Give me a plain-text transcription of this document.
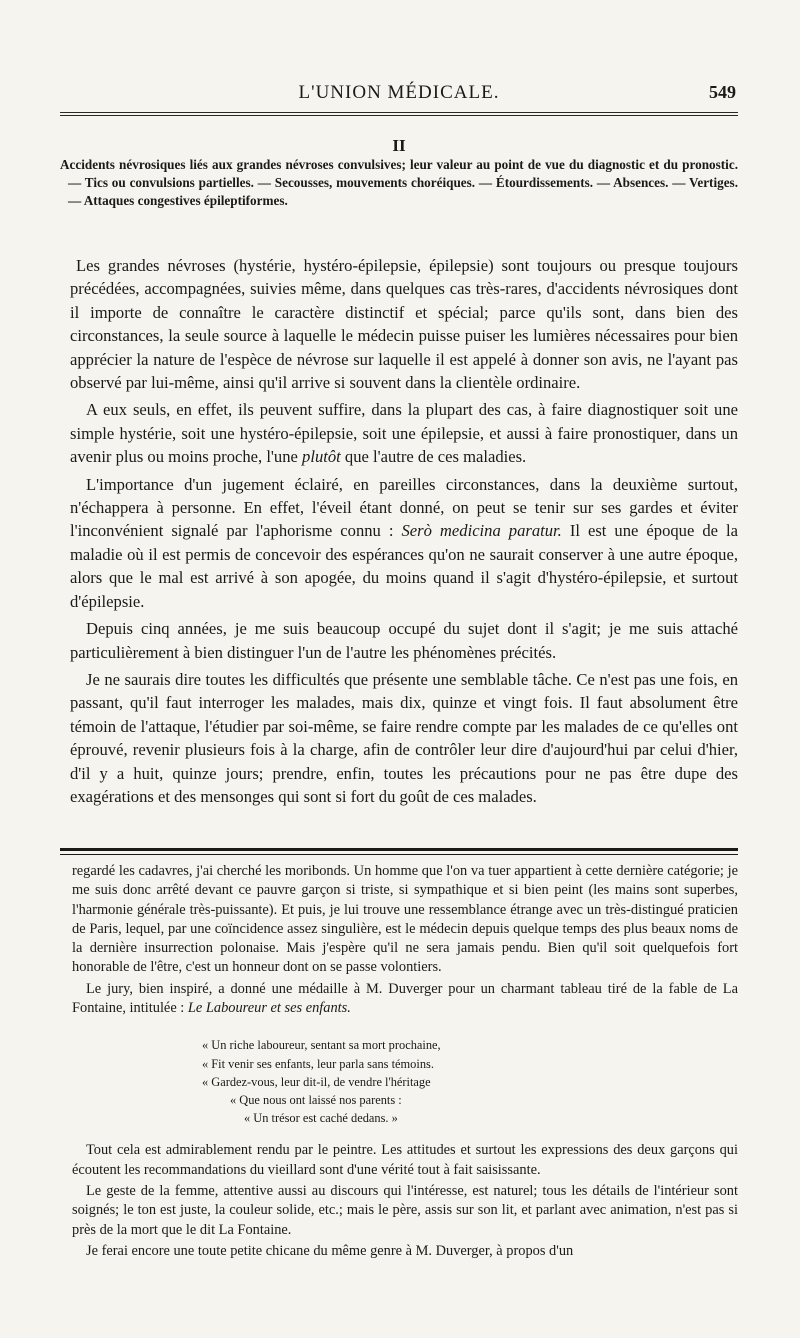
L'UNION MÉDICALE.	549
II
Accidents névrosiques liés aux grandes névroses convulsives; leur valeur au point de vue du diagnostic et du pronostic. — Tics ou convulsions partielles. — Secousses, mouvements choréiques. — Étourdissements. — Absences. — Vertiges. — Attaques congestives épileptiformes.

Les grandes névroses (hystérie, hystéro-épilepsie, épilepsie) sont toujours ou presque toujours précédées, accompagnées, suivies même, dans quelques cas très-rares, d'accidents névrosiques dont il importe de connaître le caractère distinctif et spécial; parce qu'ils sont, dans bien des circonstances, la seule source à laquelle le médecin puisse puiser les lumières nécessaires pour bien apprécier la nature de l'espèce de névrose sur laquelle il est appelé à donner son avis, ne l'ayant pas observé par lui-même, ainsi qu'il arrive si souvent dans la clientèle ordinaire.

A eux seuls, en effet, ils peuvent suffire, dans la plupart des cas, à faire diagnostiquer soit une simple hystérie, soit une hystéro-épilepsie, soit une épilepsie, et aussi à faire pronostiquer, dans un avenir plus ou moins proche, l'une plutôt que l'autre de ces maladies.

L'importance d'un jugement éclairé, en pareilles circonstances, dans la deuxième surtout, n'échappera à personne. En effet, l'éveil étant donné, on peut se tenir sur ses gardes et éviter l'inconvénient signalé par l'aphorisme connu : Serò medicina paratur. Il est une époque de la maladie où il est permis de concevoir des espérances qu'on ne saurait conserver à une autre époque, alors que le mal est arrivé à son apogée, du moins quand il s'agit d'hystéro-épilepsie, et surtout d'épilepsie.

Depuis cinq années, je me suis beaucoup occupé du sujet dont il s'agit; je me suis attaché particulièrement à bien distinguer l'un de l'autre les phénomènes précités.

Je ne saurais dire toutes les difficultés que présente une semblable tâche. Ce n'est pas une fois, en passant, qu'il faut interroger les malades, mais dix, quinze et vingt fois. Il faut absolument être témoin de l'attaque, l'étudier par soi-même, se faire rendre compte par les malades de ce qu'elles ont éprouvé, revenir plusieurs fois à la charge, afin de contrôler leur dire d'aujourd'hui par celui d'hier, d'il y a huit, quinze jours; prendre, enfin, toutes les précautions pour ne pas être dupe des exagérations et des mensonges qui sont si fort du goût de ces malades.

regardé les cadavres, j'ai cherché les moribonds. Un homme que l'on va tuer appartient à cette dernière catégorie; je me suis donc arrêté devant ce pauvre garçon si triste, si sympathique et si bien peint (les mains sont superbes, l'harmonie générale très-puissante). Et puis, je lui trouve une ressemblance étrange avec un très-distingué praticien de Paris, lequel, par une coïncidence assez singulière, est le médecin depuis quelque temps des plus beaux noms de la dernière insurrection polonaise. Mais j'espère qu'il ne sera jamais pendu. Bien qu'il soit quelquefois fort honorable de l'être, c'est un honneur dont on se passe volontiers.

Le jury, bien inspiré, a donné une médaille à M. Duverger pour un charmant tableau tiré de la fable de La Fontaine, intitulée : Le Laboureur et ses enfants.

« Un riche laboureur, sentant sa mort prochaine,
« Fit venir ses enfants, leur parla sans témoins.
« Gardez-vous, leur dit-il, de vendre l'héritage
« Que nous ont laissé nos parents :
« Un trésor est caché dedans. »

Tout cela est admirablement rendu par le peintre. Les attitudes et surtout les expressions des deux garçons qui écoutent les recommandations du vieillard sont d'une vérité tout à fait saisissante.

Le geste de la femme, attentive aussi au discours qui l'intéresse, est naturel; tous les détails de l'intérieur sont soignés; le ton est juste, la couleur solide, etc.; mais le père, assis sur son lit, et parlant avec animation, n'est pas si près de la mort que le dit La Fontaine.

Je ferai encore une toute petite chicane du même genre à M. Duverger, à propos d'un
